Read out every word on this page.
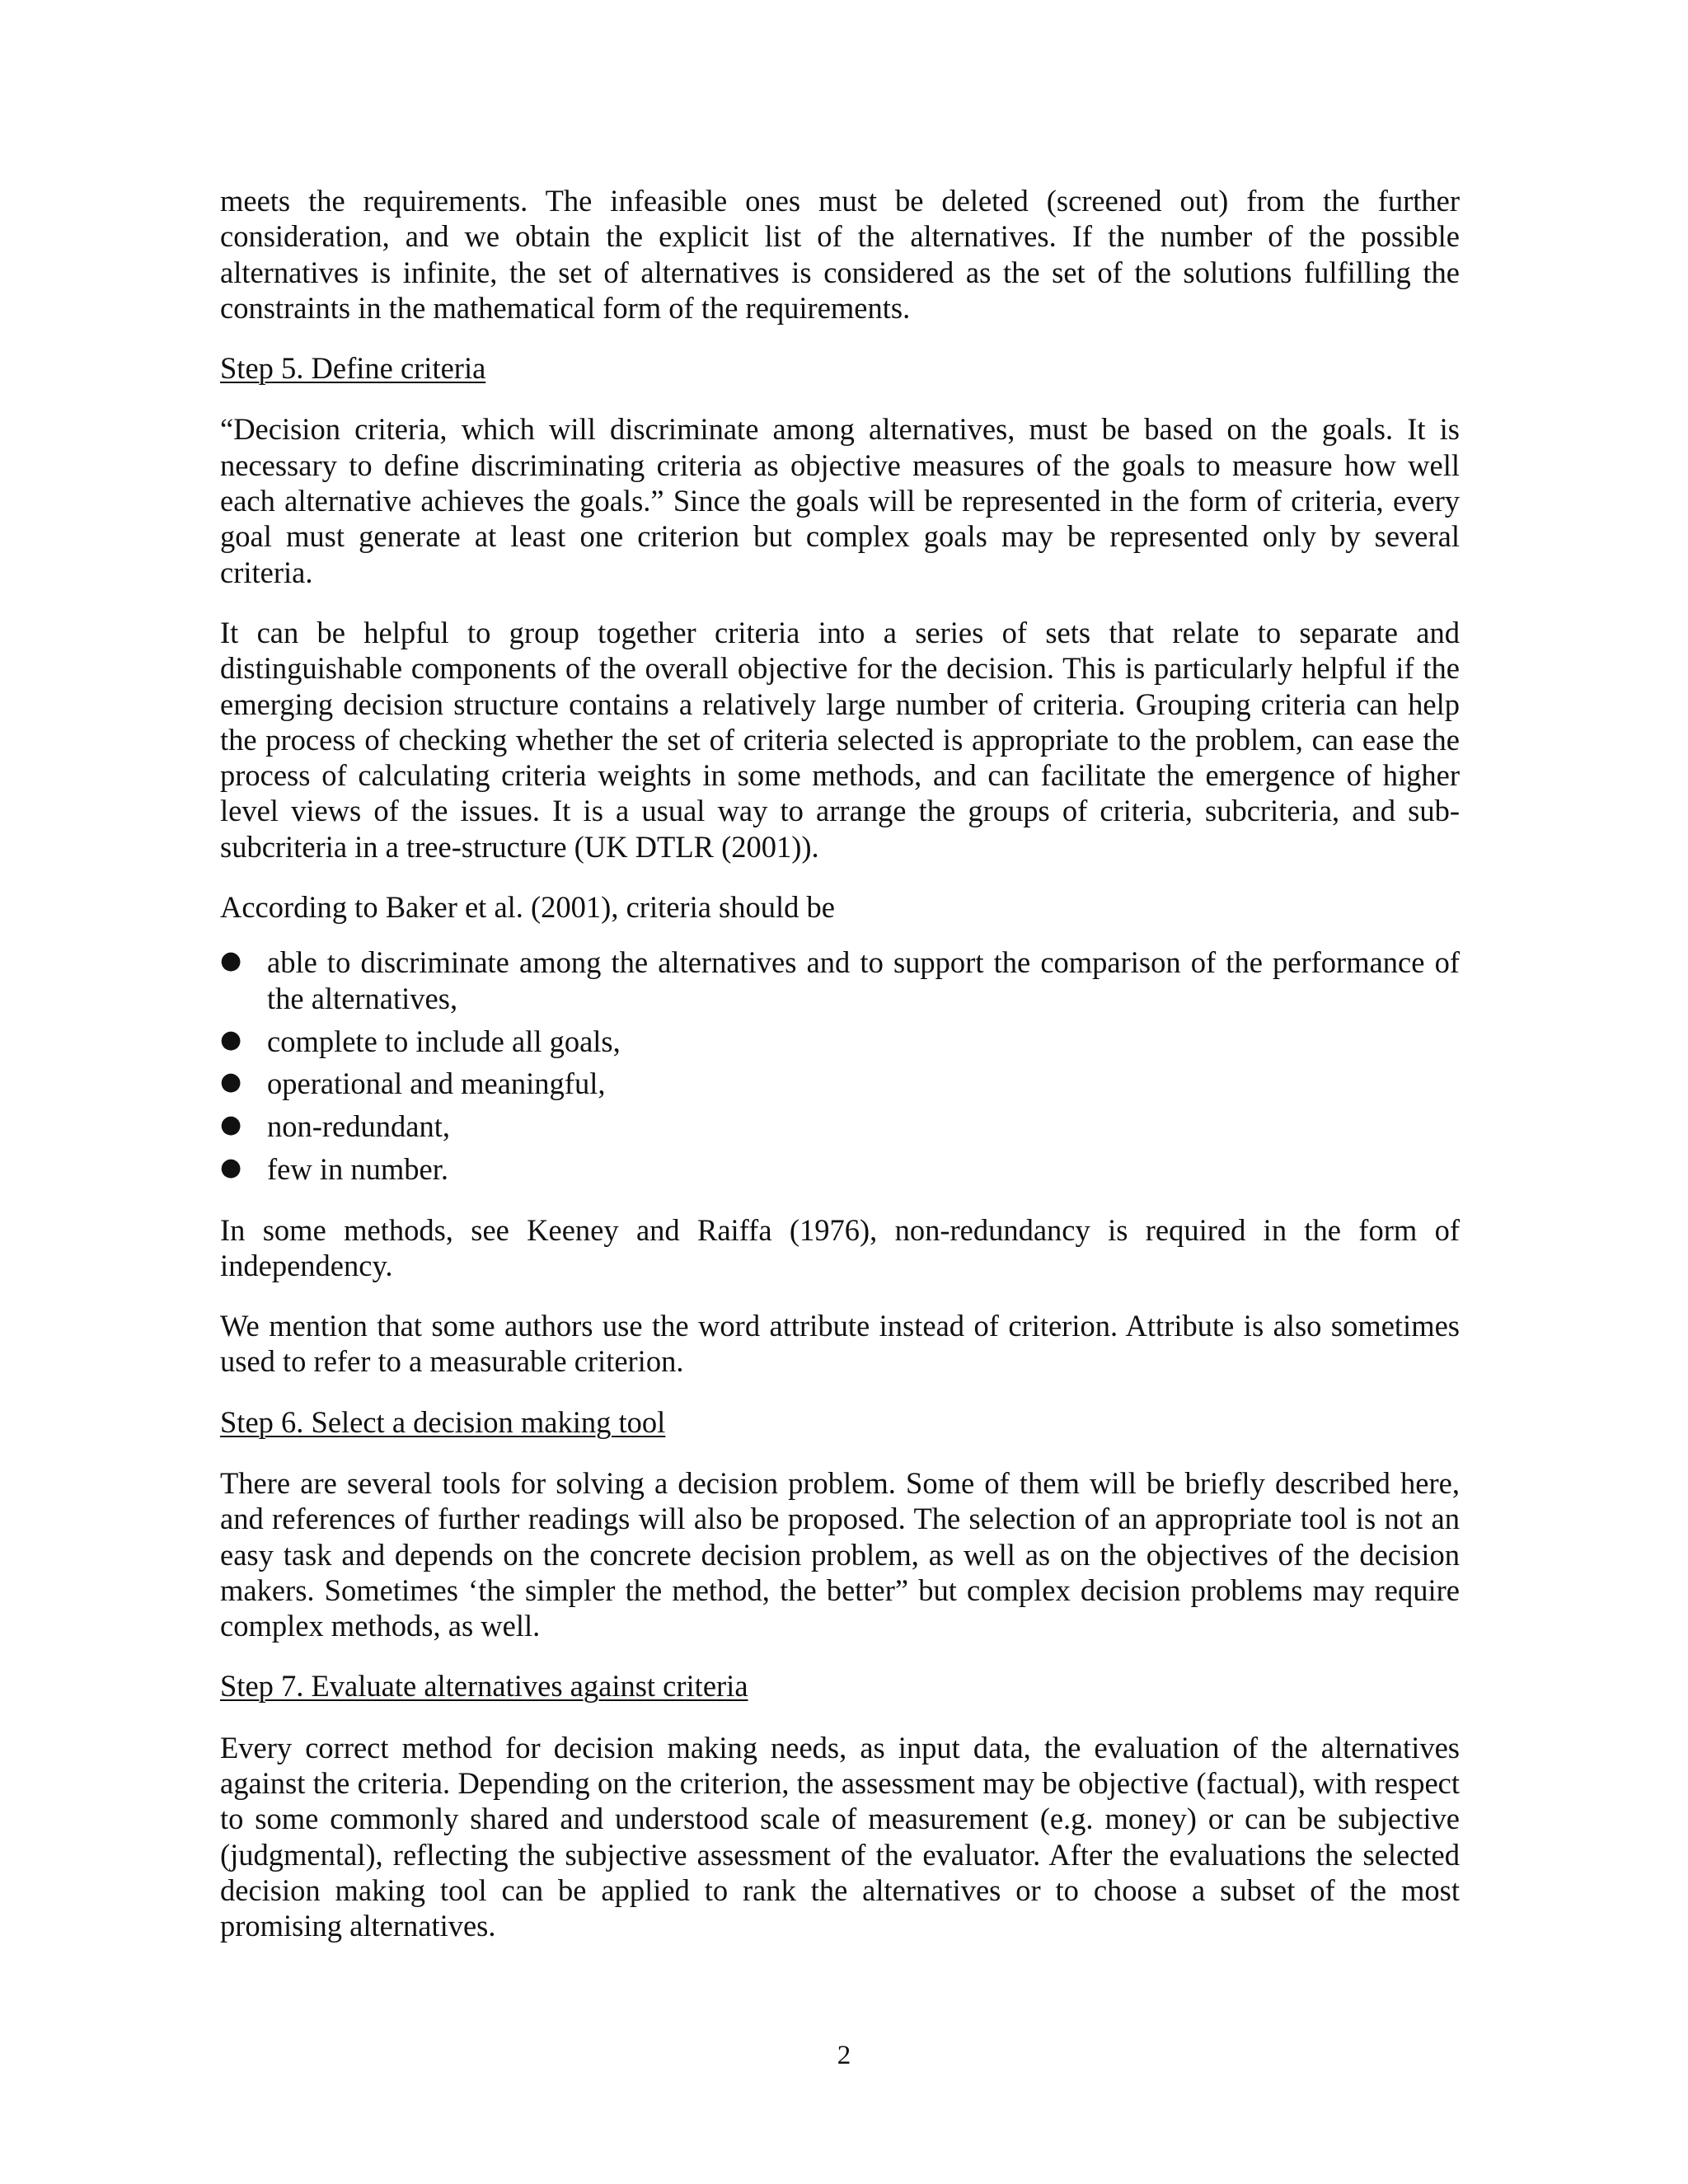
meets the requirements. The infeasible ones must be deleted (screened out) from the further consideration, and we obtain the explicit list of the alternatives. If the number of the possible alternatives is infinite, the set of alternatives is considered as the set of the solutions fulfilling the constraints in the mathematical form of the requirements.

Step 5. Define criteria

“Decision criteria, which will discriminate among alternatives, must be based on the goals. It is necessary to define discriminating criteria as objective measures of the goals to measure how well each alternative achieves the goals.” Since the goals will be represented in the form of criteria, every goal must generate at least one criterion but complex goals may be represented only by several criteria.

It can be helpful to group together criteria into a series of sets that relate to separate and distinguishable components of the overall objective for the decision. This is particularly helpful if the emerging decision structure contains a relatively large number of criteria. Grouping criteria can help the process of checking whether the set of criteria selected is appropriate to the problem, can ease the process of calculating criteria weights in some methods, and can facilitate the emergence of higher level views of the issues. It is a usual way to arrange the groups of criteria, subcriteria, and sub-subcriteria in a tree-structure (UK DTLR (2001)).

According to Baker et al. (2001), criteria should be

● able to discriminate among the alternatives and to support the comparison of the performance of the alternatives,
● complete to include all goals,
● operational and meaningful,
● non-redundant,
● few in number.

In some methods, see Keeney and Raiffa (1976), non-redundancy is required in the form of independency.

We mention that some authors use the word attribute instead of criterion. Attribute is also sometimes used to refer to a measurable criterion.

Step 6. Select a decision making tool

There are several tools for solving a decision problem. Some of them will be briefly described here, and references of further readings will also be proposed. The selection of an appropriate tool is not an easy task and depends on the concrete decision problem, as well as on the objectives of the decision makers. Sometimes ‘the simpler the method, the better” but complex decision problems may require complex methods, as well.

Step 7. Evaluate alternatives against criteria

Every correct method for decision making needs, as input data, the evaluation of the alternatives against the criteria. Depending on the criterion, the assessment may be objective (factual), with respect to some commonly shared and understood scale of measurement (e.g. money) or can be subjective (judgmental), reflecting the subjective assessment of the evaluator. After the evaluations the selected decision making tool can be applied to rank the alternatives or to choose a subset of the most promising alternatives.

2
